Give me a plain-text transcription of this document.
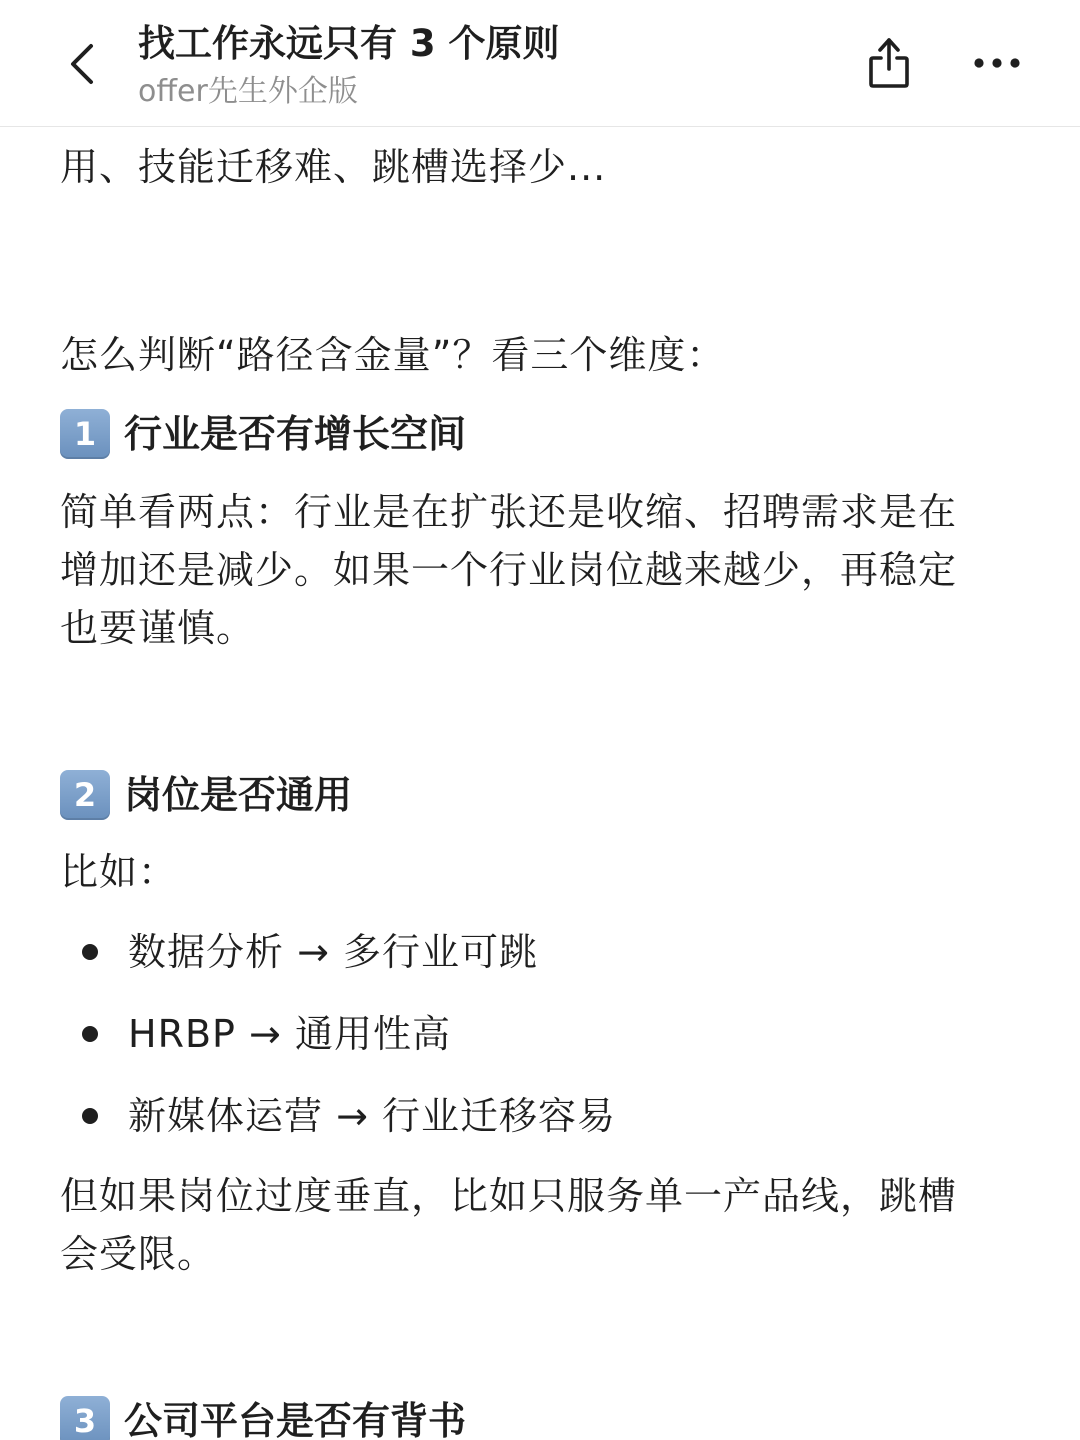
找工作永远只有 3 个原则
offer先生外企版

用、技能迁移难、跳槽选择少...

怎么判断“路径含金量”？看三个维度：

1 行业是否有增长空间

简单看两点：行业是在扩张还是收缩、招聘需求是在

增加还是减少。如果一个行业岗位越来越少，再稳定

也要谨慎。

2 岗位是否通用

比如：

数据分析 → 多行业可跳
HRBP → 通用性高
新媒体运营 → 行业迁移容易

但如果岗位过度垂直，比如只服务单一产品线，跳槽

会受限。

3 公司平台是否有背书
